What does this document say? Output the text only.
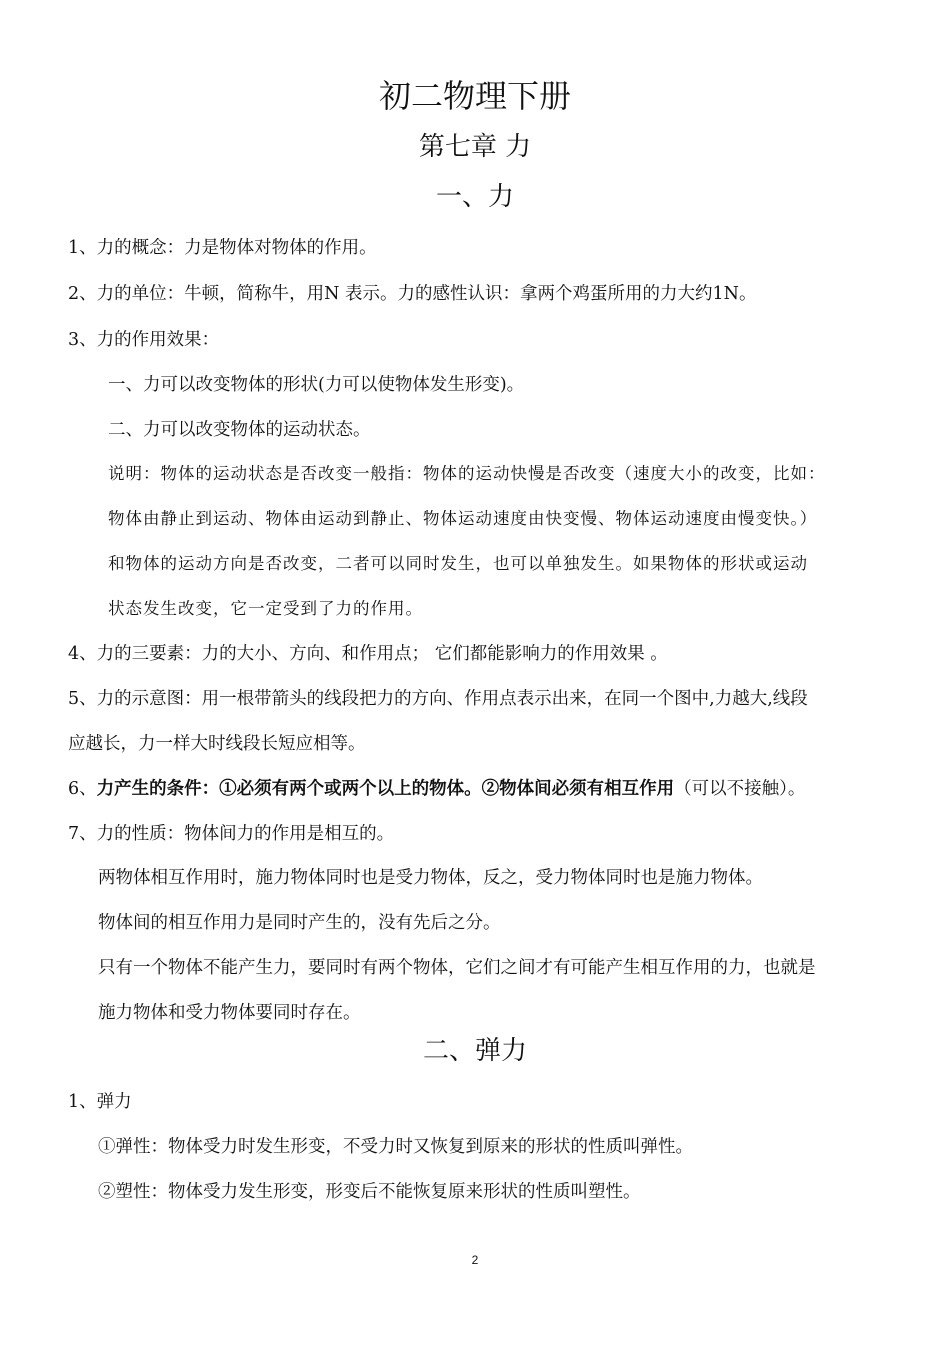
初二物理下册
第七章 力
一、力
1、力的概念：力是物体对物体的作用。
2、力的单位：牛顿，简称牛，用N 表示。力的感性认识：拿两个鸡蛋所用的力大约1N。
3、力的作用效果：
一、力可以改变物体的形状(力可以使物体发生形变)。
二、力可以改变物体的运动状态。
说明：物体的运动状态是否改变一般指：物体的运动快慢是否改变（速度大小的改变，比如：
物体由静止到运动、物体由运动到静止、物体运动速度由快变慢、物体运动速度由慢变快。）
和物体的运动方向是否改变，二者可以同时发生，也可以单独发生。如果物体的形状或运动
状态发生改变，它一定受到了力的作用。
4、力的三要素：力的大小、方向、和作用点； 它们都能影响力的作用效果 。
5、力的示意图：用一根带箭头的线段把力的方向、作用点表示出来，在同一个图中,力越大,线段
应越长，力一样大时线段长短应相等。
6、力产生的条件：①必须有两个或两个以上的物体。②物体间必须有相互作用（可以不接触）。
7、力的性质：物体间力的作用是相互的。
两物体相互作用时，施力物体同时也是受力物体，反之，受力物体同时也是施力物体。
物体间的相互作用力是同时产生的，没有先后之分。
只有一个物体不能产生力，要同时有两个物体，它们之间才有可能产生相互作用的力，也就是
施力物体和受力物体要同时存在。
二、弹力
1、弹力
①弹性：物体受力时发生形变，不受力时又恢复到原来的形状的性质叫弹性。
②塑性：物体受力发生形变，形变后不能恢复原来形状的性质叫塑性。
2
